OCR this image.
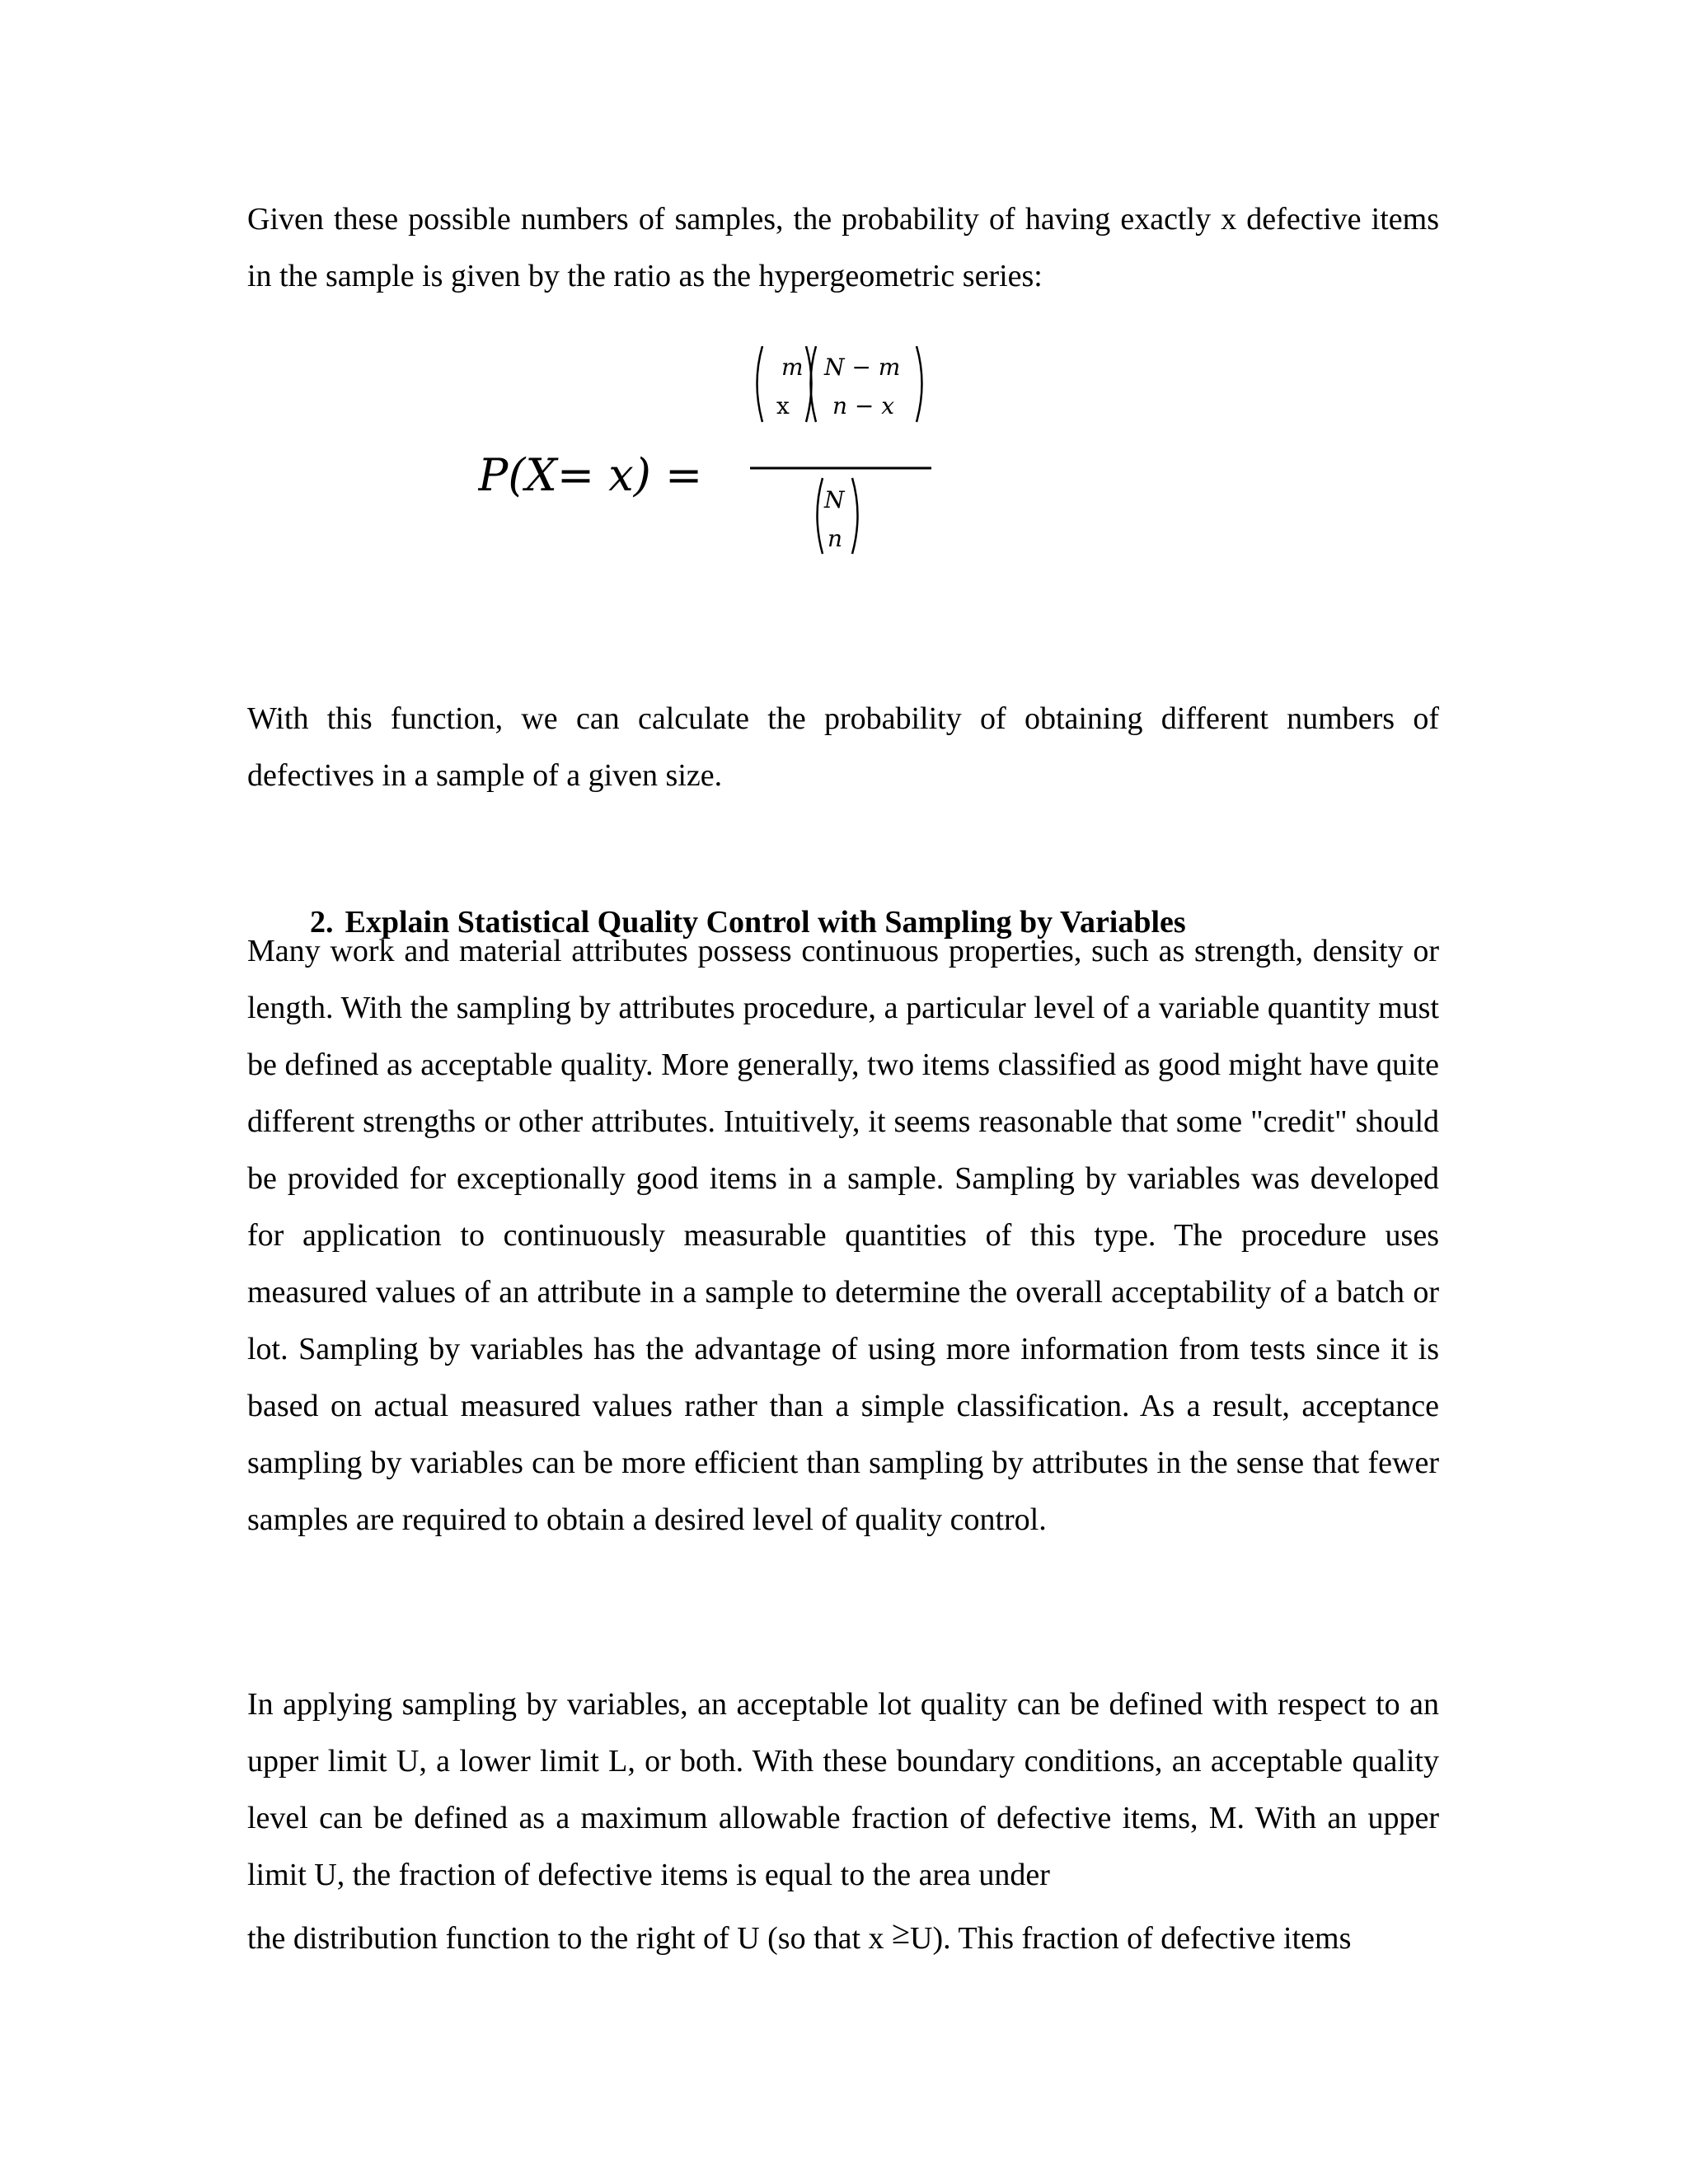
Given these possible numbers of samples, the probability of having exactly x defective items in the sample is given by the ratio as the hypergeometric series:

P(X= x) =
m
x
N − m
n − x
N
n

With this function, we can calculate the probability of obtaining different numbers of defectives in a sample of a given size.

2. Explain Statistical Quality Control with Sampling by Variables

Many work and material attributes possess continuous properties, such as strength, density or length. With the sampling by attributes procedure, a particular level of a variable quantity must be defined as acceptable quality. More generally, two items classified as good might have quite different strengths or other attributes. Intuitively, it seems reasonable that some "credit" should be provided for exceptionally good items in a sample. Sampling by variables was developed for application to continuously measurable quantities of this type. The procedure uses measured values of an attribute in a sample to determine the overall acceptability of a batch or lot. Sampling by variables has the advantage of using more information from tests since it is based on actual measured values rather than a simple classification. As a result, acceptance sampling by variables can be more efficient than sampling by attributes in the sense that fewer samples are required to obtain a desired level of quality control.

In applying sampling by variables, an acceptable lot quality can be defined with respect to an upper limit U, a lower limit L, or both. With these boundary conditions, an acceptable quality level can be defined as a maximum allowable fraction of defective items, M. With an upper limit U, the fraction of defective items is equal to the area under

the distribution function to the right of U (so that x ≥U). This fraction of defective items
